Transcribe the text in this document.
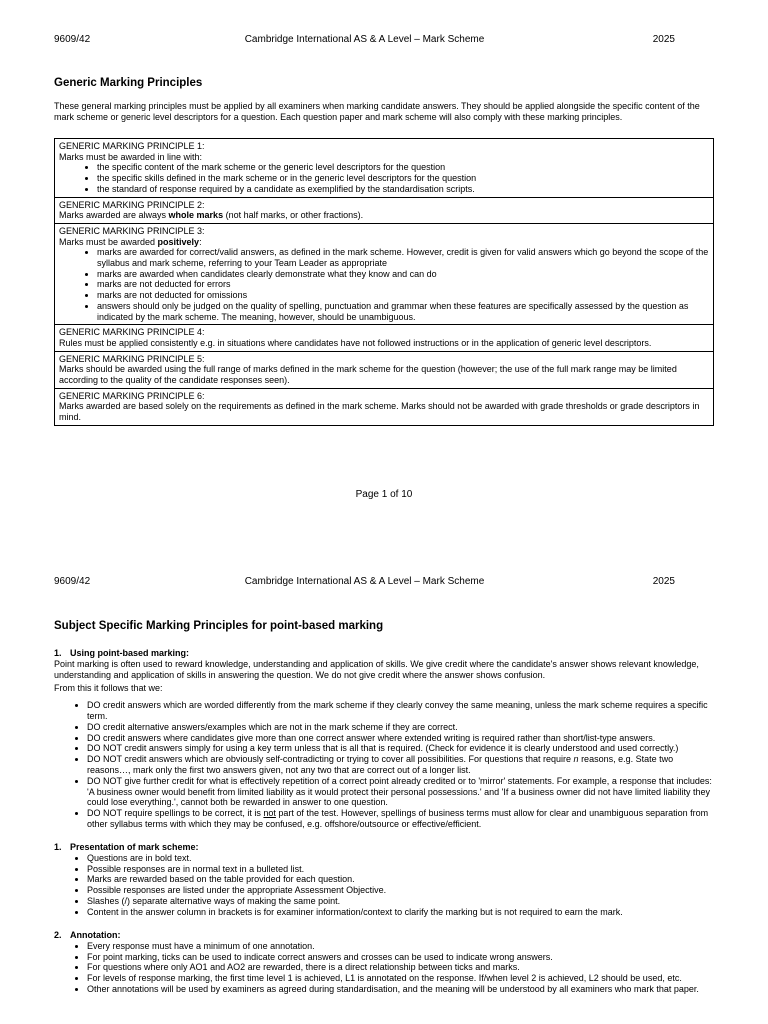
9609/42	Cambridge International AS & A Level – Mark Scheme	2025
Generic Marking Principles

These general marking principles must be applied by all examiners when marking candidate answers. They should be applied alongside the specific content of the mark scheme or generic level descriptors for a question. Each question paper and mark scheme will also comply with these marking principles.

GENERIC MARKING PRINCIPLE 1:
Marks must be awarded in line with:
• the specific content of the mark scheme or the generic level descriptors for the question
• the specific skills defined in the mark scheme or in the generic level descriptors for the question
• the standard of response required by a candidate as exemplified by the standardisation scripts.

GENERIC MARKING PRINCIPLE 2:
Marks awarded are always whole marks (not half marks, or other fractions).

GENERIC MARKING PRINCIPLE 3:
Marks must be awarded positively:
• marks are awarded for correct/valid answers, as defined in the mark scheme. However, credit is given for valid answers which go beyond the scope of the syllabus and mark scheme, referring to your Team Leader as appropriate
• marks are awarded when candidates clearly demonstrate what they know and can do
• marks are not deducted for errors
• marks are not deducted for omissions
• answers should only be judged on the quality of spelling, punctuation and grammar when these features are specifically assessed by the question as indicated by the mark scheme. The meaning, however, should be unambiguous.

GENERIC MARKING PRINCIPLE 4:
Rules must be applied consistently e.g. in situations where candidates have not followed instructions or in the application of generic level descriptors.

GENERIC MARKING PRINCIPLE 5:
Marks should be awarded using the full range of marks defined in the mark scheme for the question (however; the use of the full mark range may be limited according to the quality of the candidate responses seen).

GENERIC MARKING PRINCIPLE 6:
Marks awarded are based solely on the requirements as defined in the mark scheme. Marks should not be awarded with grade thresholds or grade descriptors in mind.
Page 1 of 10
9609/42	Cambridge International AS & A Level – Mark Scheme	2025
Subject Specific Marking Principles for point-based marking
1. Using point-based marking:
Point marking is often used to reward knowledge, understanding and application of skills. We give credit where the candidate's answer shows relevant knowledge, understanding and application of skills in answering the question. We do not give credit where the answer shows confusion.
From this it follows that we:
• DO credit answers which are worded differently from the mark scheme if they clearly convey the same meaning, unless the mark scheme requires a specific term.
• DO credit alternative answers/examples which are not in the mark scheme if they are correct.
• DO credit answers where candidates give more than one correct answer where extended writing is required rather than short/list-type answers.
• DO NOT credit answers simply for using a key term unless that is all that is required. (Check for evidence it is clearly understood and used correctly.)
• DO NOT credit answers which are obviously self-contradicting or trying to cover all possibilities. For questions that require n reasons, e.g. State two reasons…, mark only the first two answers given, not any two that are correct out of a longer list.
• DO NOT give further credit for what is effectively repetition of a correct point already credited or to 'mirror' statements. For example, a response that includes: 'A business owner would benefit from limited liability as it would protect their personal possessions.' and 'If a business owner did not have limited liability they could lose everything.', cannot both be rewarded in answer to one question.
• DO NOT require spellings to be correct, it is not part of the test. However, spellings of business terms must allow for clear and unambiguous separation from other syllabus terms with which they may be confused, e.g. offshore/outsource or effective/efficient.
1. Presentation of mark scheme:
• Questions are in bold text.
• Possible responses are in normal text in a bulleted list.
• Marks are rewarded based on the table provided for each question.
• Possible responses are listed under the appropriate Assessment Objective.
• Slashes (/) separate alternative ways of making the same point.
• Content in the answer column in brackets is for examiner information/context to clarify the marking but is not required to earn the mark.
2. Annotation:
• Every response must have a minimum of one annotation.
• For point marking, ticks can be used to indicate correct answers and crosses can be used to indicate wrong answers.
• For questions where only AO1 and AO2 are rewarded, there is a direct relationship between ticks and marks.
• For levels of response marking, the first time level 1 is achieved, L1 is annotated on the response. If/when level 2 is achieved, L2 should be used, etc.
• Other annotations will be used by examiners as agreed during standardisation, and the meaning will be understood by all examiners who mark that paper.
